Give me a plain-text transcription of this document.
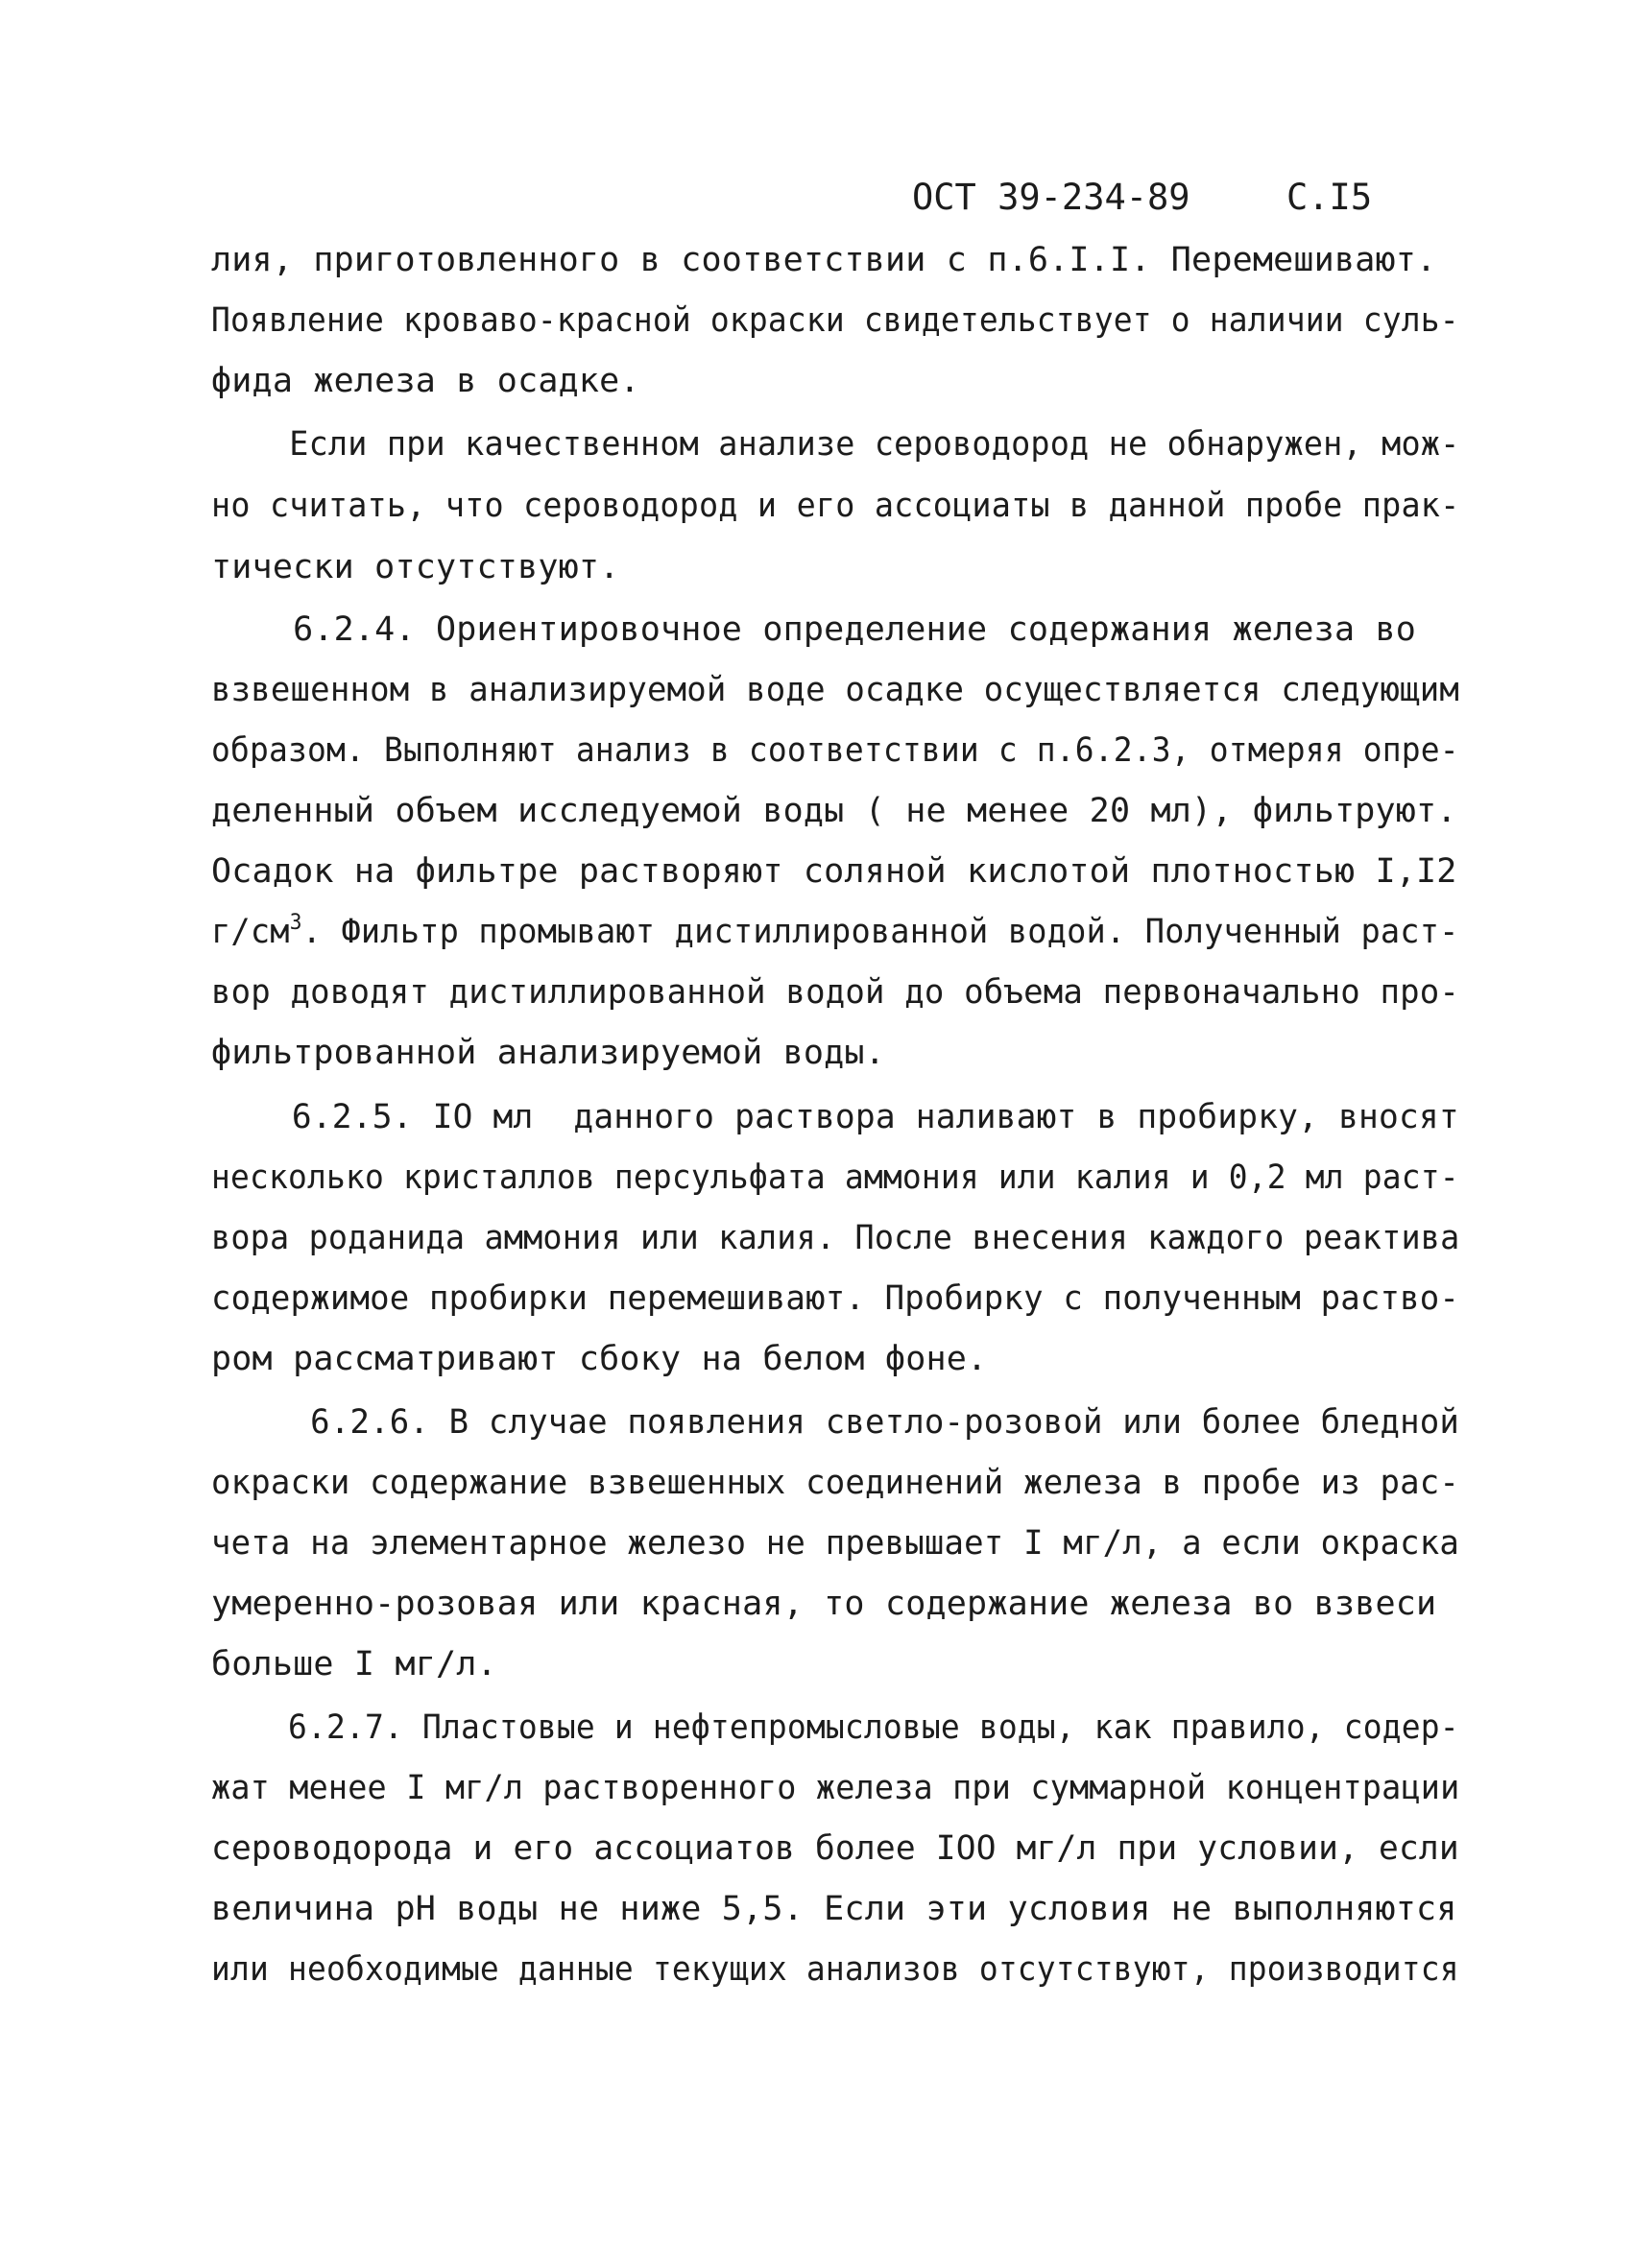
ОСТ 39-234-89	С.I5
лия, приготовленного в соответствии с п.6.I.I. Перемешивают.
Появление кроваво-красной окраски свидетельствует о наличии суль-
фида железа в осадке.
Если при качественном анализе сероводород не обнаружен, мож-
но считать, что сероводород и его ассоциаты в данной пробе прак-
тически отсутствуют.
6.2.4. Ориентировочное определение содержания железа во
взвешенном в анализируемой воде осадке осуществляется следующим
образом. Выполняют анализ в соответствии с п.6.2.3, отмеряя опре-
деленный объем исследуемой воды ( не менее 20 мл), фильтруют.
Осадок на фильтре растворяют соляной кислотой плотностью I,I2
$г/см^3$. Фильтр промывают дистиллированной водой. Полученный раст-
вор доводят дистиллированной водой до объема первоначально про-
фильтрованной анализируемой воды.
6.2.5. IO мл  данного раствора наливают в пробирку, вносят
несколько кристаллов персульфата аммония или калия и 0,2 мл раст-
вора роданида аммония или калия. После внесения каждого реактива
содержимое пробирки перемешивают. Пробирку с полученным раство-
ром рассматривают сбоку на белом фоне.
6.2.6. В случае появления светло-розовой или более бледной
окраски содержание взвешенных соединений железа в пробе из рас-
чета на элементарное железо не превышает I мг/л, а если окраска
умеренно-розовая или красная, то содержание железа во взвеси
больше I мг/л.
6.2.7. Пластовые и нефтепромысловые воды, как правило, содер-
жат менее I мг/л растворенного железа при суммарной концентрации
сероводорода и его ассоциатов более IOO мг/л при условии, если
величина pH воды не ниже 5,5. Если эти условия не выполняются
или необходимые данные текущих анализов отсутствуют, производится
